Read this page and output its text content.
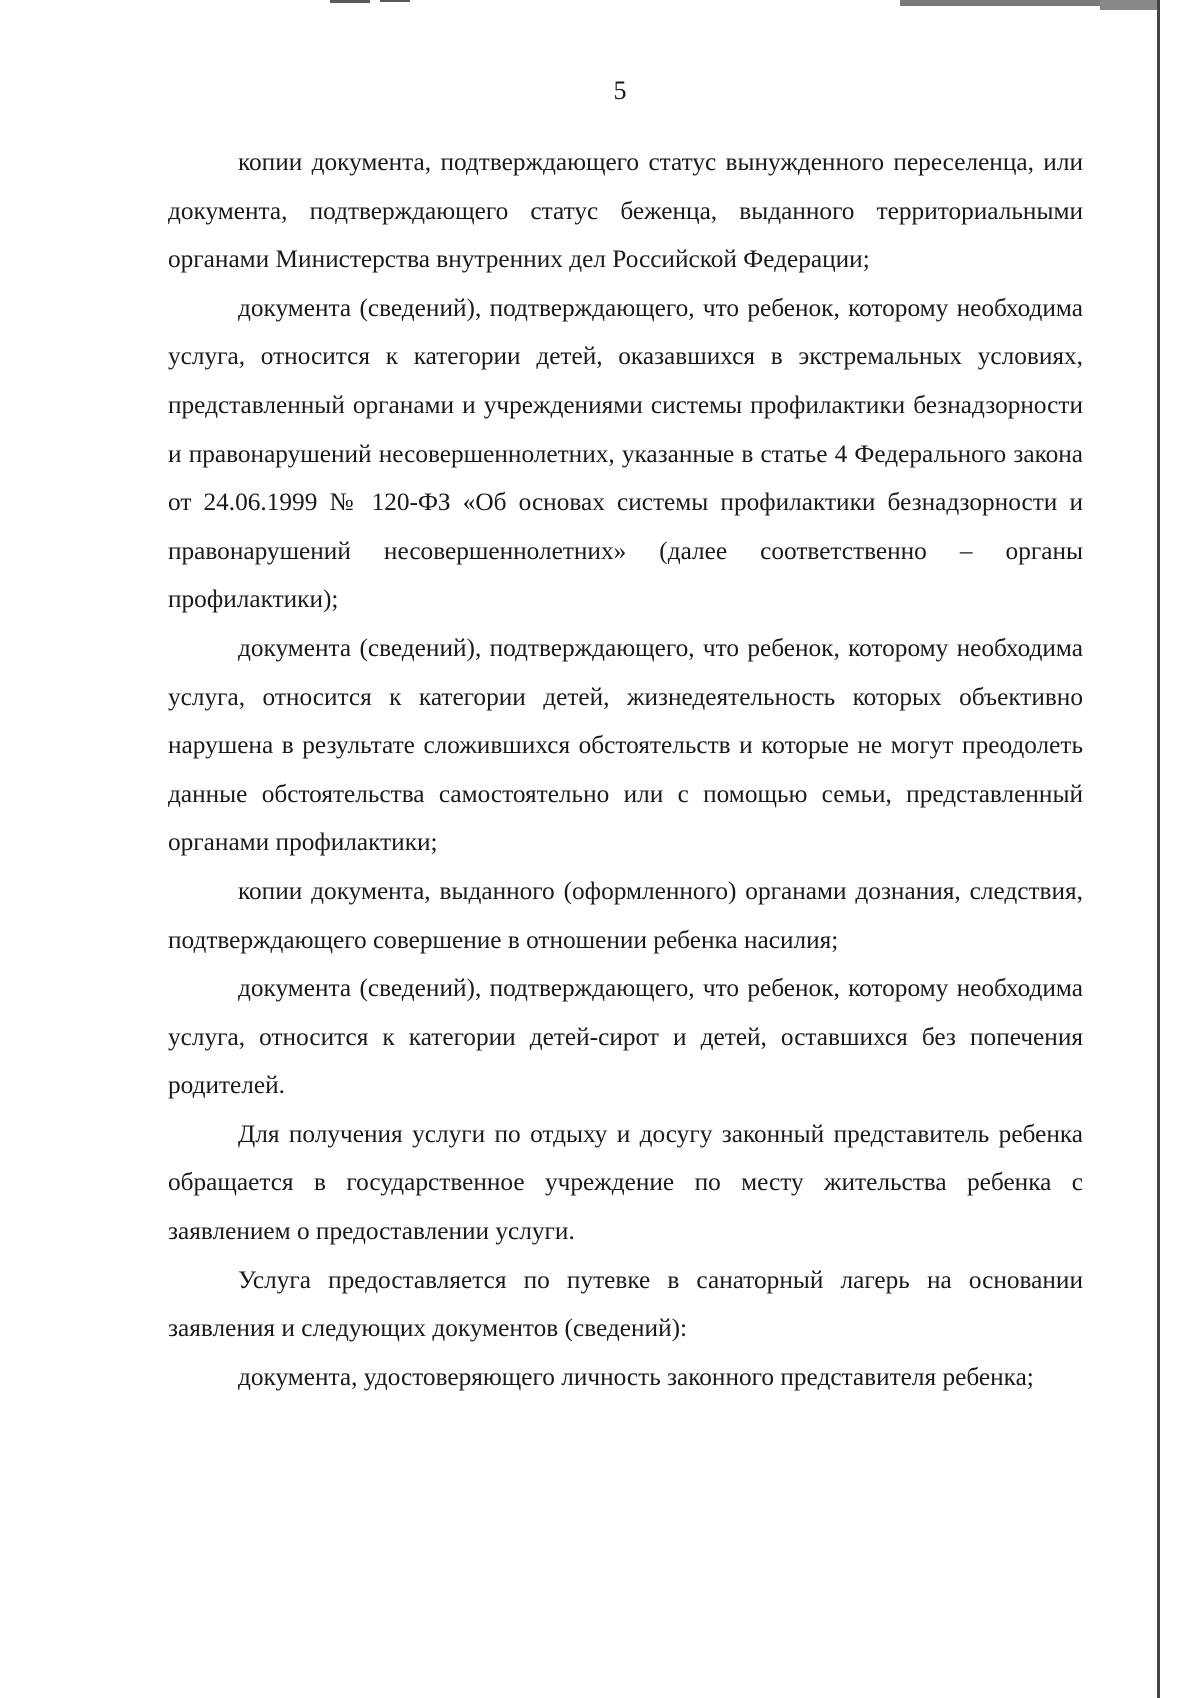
5

копии документа, подтверждающего статус вынужденного переселенца, или документа, подтверждающего статус беженца, выданного территориальными органами Министерства внутренних дел Российской Федерации;

документа (сведений), подтверждающего, что ребенок, которому необходима услуга, относится к категории детей, оказавшихся в экстремальных условиях, представленный органами и учреждениями системы профилактики безнадзорности и правонарушений несовершеннолетних, указанные в статье 4 Федерального закона от 24.06.1999 № 120-ФЗ «Об основах системы профилактики безнадзорности и правонарушений несовершеннолетних» (далее соответственно – органы профилактики);

документа (сведений), подтверждающего, что ребенок, которому необходима услуга, относится к категории детей, жизнедеятельность которых объективно нарушена в результате сложившихся обстоятельств и которые не могут преодолеть данные обстоятельства самостоятельно или с помощью семьи, представленный органами профилактики;

копии документа, выданного (оформленного) органами дознания, следствия, подтверждающего совершение в отношении ребенка насилия;

документа (сведений), подтверждающего, что ребенок, которому необходима услуга, относится к категории детей-сирот и детей, оставшихся без попечения родителей.

Для получения услуги по отдыху и досугу законный представитель ребенка обращается в государственное учреждение по месту жительства ребенка с заявлением о предоставлении услуги.

Услуга предоставляется по путевке в санаторный лагерь на основании заявления и следующих документов (сведений):

документа, удостоверяющего личность законного представителя ребенка;
